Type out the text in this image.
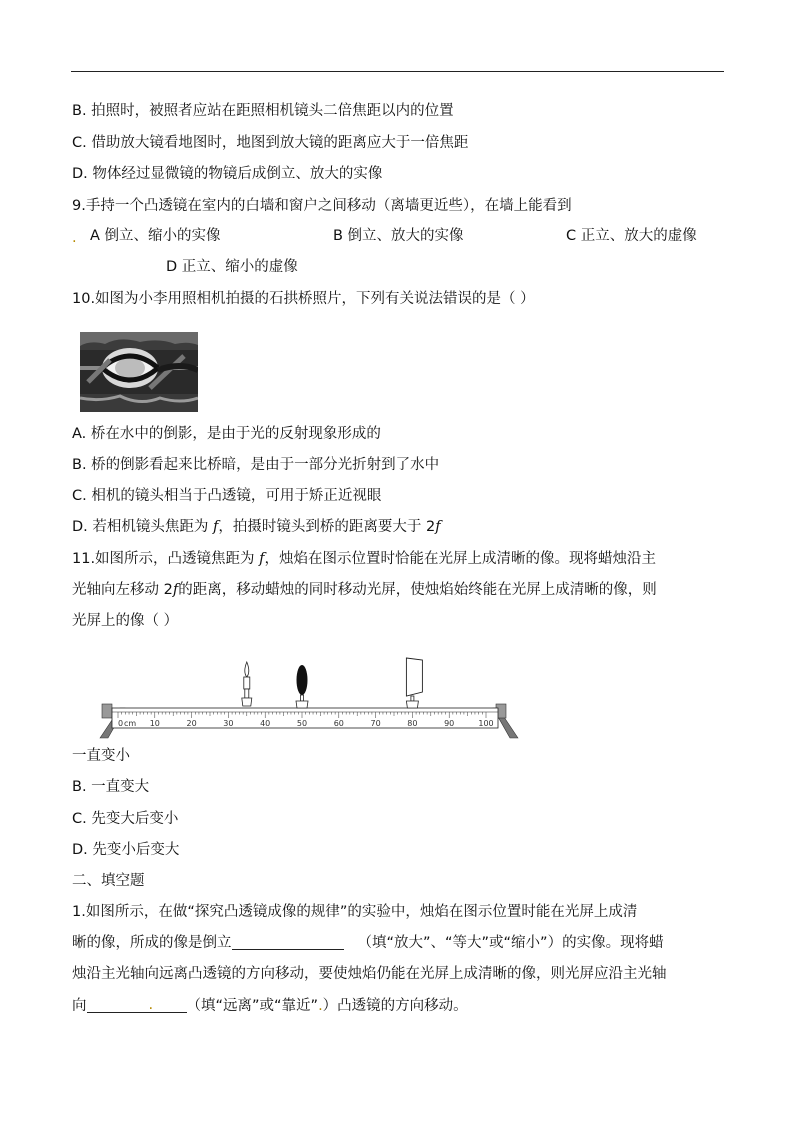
B. 拍照时，被照者应站在距照相机镜头二倍焦距以内的位置
C. 借助放大镜看地图时，地图到放大镜的距离应大于一倍焦距
D. 物体经过显微镜的物镜后成倒立、放大的实像
9.手持一个凸透镜在室内的白墙和窗户之间移动（离墙更近些），在墙上能看到
. A 倒立、缩小的实像	B 倒立、放大的实像	C 正立、放大的虚像
D 正立、缩小的虚像
10.如图为小李用照相机拍摄的石拱桥照片，下列有关说法错误的是（ ）
A. 桥在水中的倒影，是由于光的反射现象形成的
B. 桥的倒影看起来比桥暗，是由于一部分光折射到了水中
C. 相机的镜头相当于凸透镜，可用于矫正近视眼
D. 若相机镜头焦距为 f，拍摄时镜头到桥的距离要大于 2f
11.如图所示，凸透镜焦距为 f，烛焰在图示位置时恰能在光屏上成清晰的像。现将蜡烛沿主
光轴向左移动 2f的距离，移动蜡烛的同时移动光屏，使烛焰始终能在光屏上成清晰的像，则
光屏上的像（ ）
0	10	20	30	40	50	60	70	80	90	100
cm
一直变小
B. 一直变大
C. 先变大后变小
D. 先变小后变大
二、填空题
1.如图所示，在做“探究凸透镜成像的规律”的实验中，烛焰在图示位置时能在光屏上成清
晰的像，所成的像是倒立	（填“放大”、“等大”或“缩小”）的实像。现将蜡
烛沿主光轴向远离凸透镜的方向移动，要使烛焰仍能在光屏上成清晰的像，则光屏应沿主光轴
向	. （填“远离”或“靠近”.）凸透镜的方向移动。
